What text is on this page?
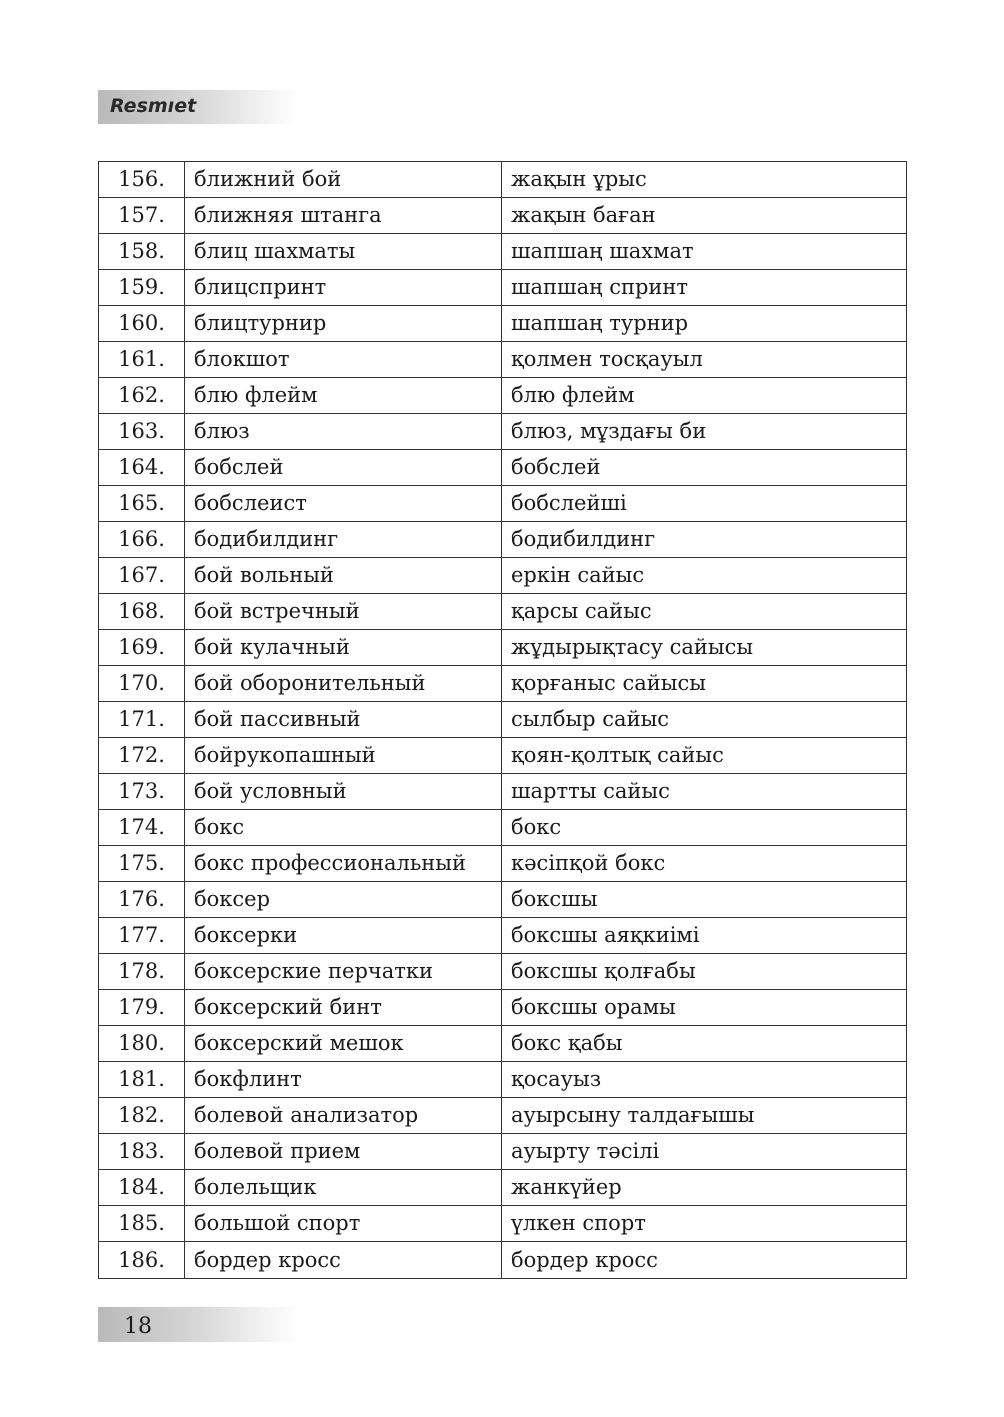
Resmıet
156.	ближний бой	жақын ұрыс
157.	ближняя штанга	жақын баған
158.	блиц шахматы	шапшаң шахмат
159.	блицспринт	шапшаң спринт
160.	блицтурнир	шапшаң турнир
161.	блокшот	қолмен тосқауыл
162.	блю флейм	блю флейм
163.	блюз	блюз, мұздағы би
164.	бобслей	бобслей
165.	бобслеист	бобслейші
166.	бодибилдинг	бодибилдинг
167.	бой вольный	еркін сайыс
168.	бой встречный	қарсы сайыс
169.	бой кулачный	жұдырықтасу сайысы
170.	бой оборонительный	қорғаныс сайысы
171.	бой пассивный	сылбыр сайыс
172.	бойрукопашный	қоян-қолтық сайыс
173.	бой условный	шартты сайыс
174.	бокс	бокс
175.	бокс профессиональный	кәсіпқой бокс
176.	боксер	боксшы
177.	боксерки	боксшы аяқкиімі
178.	боксерские перчатки	боксшы қолғабы
179.	боксерский бинт	боксшы орамы
180.	боксерский мешок	бокс қабы
181.	бокфлинт	қосауыз
182.	болевой анализатор	ауырсыну талдағышы
183.	болевой прием	ауырту тәсілі
184.	болельщик	жанкүйер
185.	большой спорт	үлкен спорт
186.	бордер кросс	бордер кросс
18
